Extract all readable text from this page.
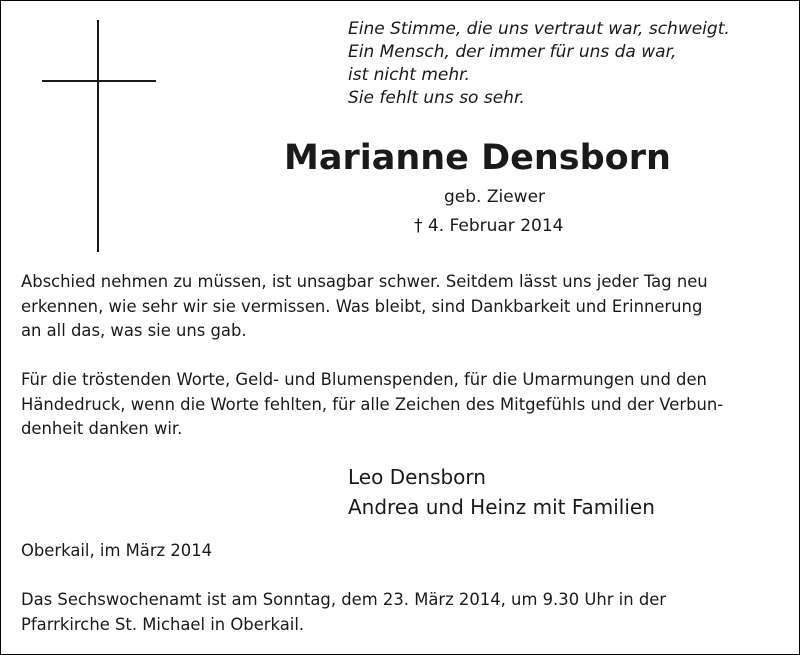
Eine Stimme, die uns vertraut war, schweigt.
Ein Mensch, der immer für uns da war,
ist nicht mehr.
Sie fehlt uns so sehr.
Marianne Densborn
geb. Ziewer
† 4. Februar 2014
Abschied nehmen zu müssen, ist unsagbar schwer. Seitdem lässt uns jeder Tag neu
erkennen, wie sehr wir sie vermissen. Was bleibt, sind Dankbarkeit und Erinnerung
an all das, was sie uns gab.
Für die tröstenden Worte, Geld- und Blumenspenden, für die Umarmungen und den
Händedruck, wenn die Worte fehlten, für alle Zeichen des Mitgefühls und der Verbun-
denheit danken wir.
Leo Densborn
Andrea und Heinz mit Familien
Oberkail, im März 2014
Das Sechswochenamt ist am Sonntag, dem 23. März 2014, um 9.30 Uhr in der
Pfarrkirche St. Michael in Oberkail.
